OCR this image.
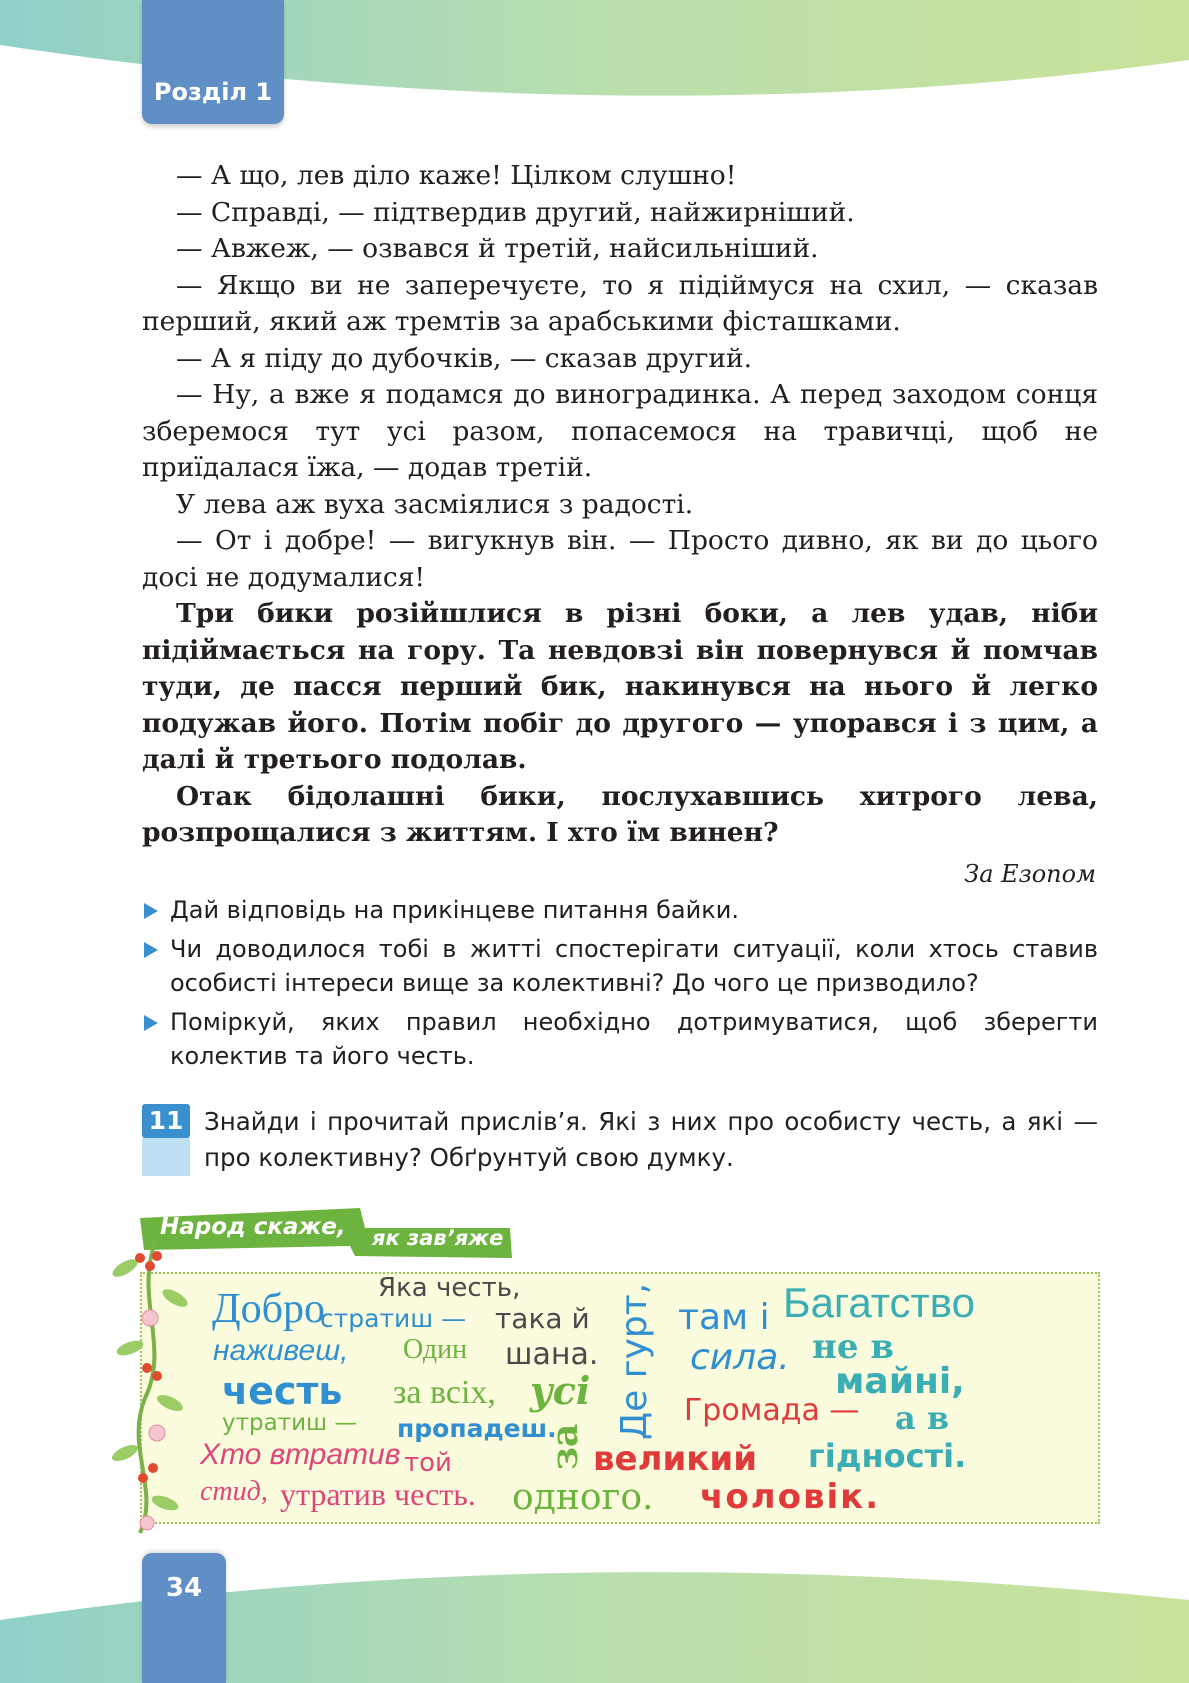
Розділ 1

— А що, лев діло каже! Цілком слушно!

— Справді, — підтвердив другий, найжирніший.

— Авжеж, — озвався й третій, найсильніший.

— Якщо ви не заперечуєте, то я підіймуся на схил, — сказав перший, який аж тремтів за арабськими фісташками.

— А я піду до дубочків, — сказав другий.

— Ну, а вже я подамся до виноградинка. А перед заходом сонця зберемося тут усі разом, попасемося на травичці, щоб не приїдалася їжа, — додав третій.

У лева аж вуха засміялися з радості.

— От і добре! — вигукнув він. — Просто дивно, як ви до цього досі не додумалися!

Три бики розійшлися в різні боки, а лев удав, ніби підіймається на гору. Та невдовзі він повернувся й помчав туди, де пасся перший бик, накинувся на нього й легко подужав його. Потім побіг до другого — упорався і з цим, а далі й третього подолав.

Отак бідолашні бики, послухавшись хитрого лева, розпрощалися з життям. І хто їм винен?

За Езопом
Дай відповідь на прикінцеве питання байки.
Чи доводилося тобі в житті спостерігати ситуації, коли хтось ставив особисті інтереси вище за колективні? До чого це призводило?
Поміркуй, яких правил необхідно дотримуватися, щоб зберегти колектив та його честь.
11 Знайди і прочитай прислів’я. Які з них про особисту честь, а які — про колективну? Обґрунтуй свою думку.
Народ скаже, як зав’яже
Добро
стратиш —
наживеш,
честь
утратиш —
Хто втратив
стид,
Яка честь,
така й
Один шана.
за всіх, усі
пропадеш.
той
утратив честь.
за
одного.
Де гурт, там і
сила.
Громада —
великий
чоловік.
Багатство
не в
майні,
а в
гідності.
34
